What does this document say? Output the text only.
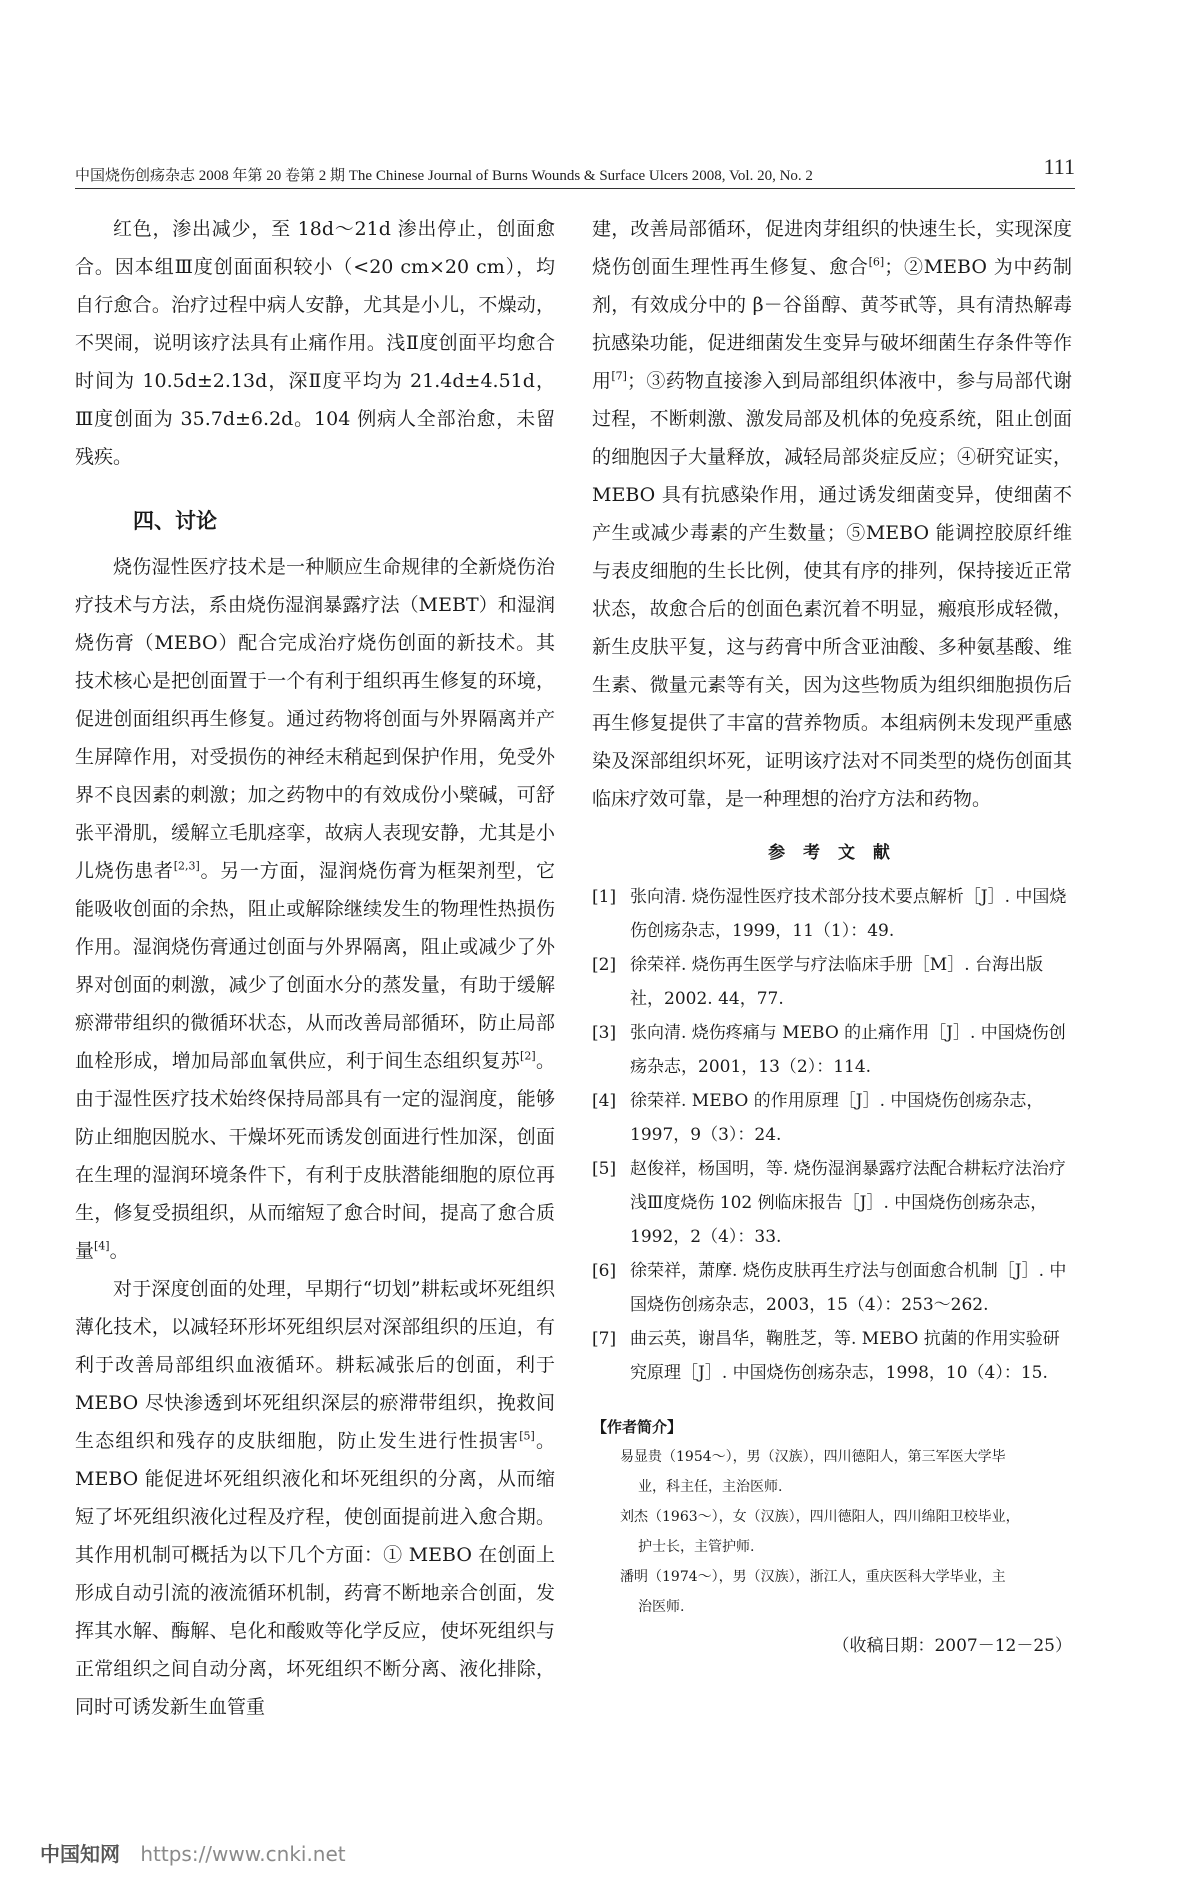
中国烧伤创疡杂志 2008 年第 20 卷第 2 期 The Chinese Journal of Burns Wounds & Surface Ulcers 2008, Vol. 20, No. 2	111

红色，渗出减少，至 18d～21d 渗出停止，创面愈合。因本组Ⅲ度创面面积较小（<20 cm×20 cm），均自行愈合。治疗过程中病人安静，尤其是小儿，不燥动，不哭闹，说明该疗法具有止痛作用。浅Ⅱ度创面平均愈合时间为 10.5d±2.13d，深Ⅱ度平均为 21.4d±4.51d，Ⅲ度创面为 35.7d±6.2d。104 例病人全部治愈，未留残疾。

四、讨论

烧伤湿性医疗技术是一种顺应生命规律的全新烧伤治疗技术与方法，系由烧伤湿润暴露疗法（MEBT）和湿润烧伤膏（MEBO）配合完成治疗烧伤创面的新技术。其技术核心是把创面置于一个有利于组织再生修复的环境，促进创面组织再生修复。通过药物将创面与外界隔离并产生屏障作用，对受损伤的神经末稍起到保护作用，免受外界不良因素的刺激；加之药物中的有效成份小檗碱，可舒张平滑肌，缓解立毛肌痉挛，故病人表现安静，尤其是小儿烧伤患者[2,3]。另一方面，湿润烧伤膏为框架剂型，它能吸收创面的余热，阻止或解除继续发生的物理性热损伤作用。湿润烧伤膏通过创面与外界隔离，阻止或减少了外界对创面的刺激，减少了创面水分的蒸发量，有助于缓解瘀滞带组织的微循环状态，从而改善局部循环，防止局部血栓形成，增加局部血氧供应，利于间生态组织复苏[2]。由于湿性医疗技术始终保持局部具有一定的湿润度，能够防止细胞因脱水、干燥坏死而诱发创面进行性加深，创面在生理的湿润环境条件下，有利于皮肤潜能细胞的原位再生，修复受损组织，从而缩短了愈合时间，提高了愈合质量[4]。

对于深度创面的处理，早期行“切划”耕耘或坏死组织薄化技术，以减轻环形坏死组织层对深部组织的压迫，有利于改善局部组织血液循环。耕耘减张后的创面，利于 MEBO 尽快渗透到坏死组织深层的瘀滞带组织，挽救间生态组织和残存的皮肤细胞，防止发生进行性损害[5]。MEBO 能促进坏死组织液化和坏死组织的分离，从而缩短了坏死组织液化过程及疗程，使创面提前进入愈合期。其作用机制可概括为以下几个方面：① MEBO 在创面上形成自动引流的液流循环机制，药膏不断地亲合创面，发挥其水解、酶解、皂化和酸败等化学反应，使坏死组织与正常组织之间自动分离，坏死组织不断分离、液化排除，同时可诱发新生血管重

建，改善局部循环，促进肉芽组织的快速生长，实现深度烧伤创面生理性再生修复、愈合[6]；②MEBO 为中药制剂，有效成分中的 β－谷甾醇、黄芩甙等，具有清热解毒抗感染功能，促进细菌发生变异与破坏细菌生存条件等作用[7]；③药物直接渗入到局部组织体液中，参与局部代谢过程，不断刺激、激发局部及机体的免疫系统，阻止创面的细胞因子大量释放，减轻局部炎症反应；④研究证实，MEBO 具有抗感染作用，通过诱发细菌变异，使细菌不产生或减少毒素的产生数量；⑤MEBO 能调控胶原纤维与表皮细胞的生长比例，使其有序的排列，保持接近正常状态，故愈合后的创面色素沉着不明显，瘢痕形成轻微，新生皮肤平复，这与药膏中所含亚油酸、多种氨基酸、维生素、微量元素等有关，因为这些物质为组织细胞损伤后再生修复提供了丰富的营养物质。本组病例未发现严重感染及深部组织坏死，证明该疗法对不同类型的烧伤创面其临床疗效可靠，是一种理想的治疗方法和药物。

参 考 文 献
[1] 张向清. 烧伤湿性医疗技术部分技术要点解析［J］. 中国烧伤创疡杂志，1999，11（1）：49.
[2] 徐荣祥. 烧伤再生医学与疗法临床手册［M］. 台海出版社，2002. 44，77.
[3] 张向清. 烧伤疼痛与 MEBO 的止痛作用［J］. 中国烧伤创疡杂志，2001，13（2）：114.
[4] 徐荣祥. MEBO 的作用原理［J］. 中国烧伤创疡杂志，1997，9（3）：24.
[5] 赵俊祥，杨国明，等. 烧伤湿润暴露疗法配合耕耘疗法治疗浅Ⅲ度烧伤 102 例临床报告［J］. 中国烧伤创疡杂志，1992，2（4）：33.
[6] 徐荣祥，萧摩. 烧伤皮肤再生疗法与创面愈合机制［J］. 中国烧伤创疡杂志，2003，15（4）：253～262.
[7] 曲云英，谢昌华，鞠胜芝，等. MEBO 抗菌的作用实验研究原理［J］. 中国烧伤创疡杂志，1998，10（4）：15.
【作者简介】
易显贵（1954～），男（汉族），四川德阳人，第三军医大学毕
业，科主任，主治医师.
刘杰（1963～），女（汉族），四川德阳人，四川绵阳卫校毕业，
护士长，主管护师.
潘明（1974～），男（汉族），浙江人，重庆医科大学毕业，主
治医师.
（收稿日期：2007－12－25）
中国知网 https://www.cnki.net
